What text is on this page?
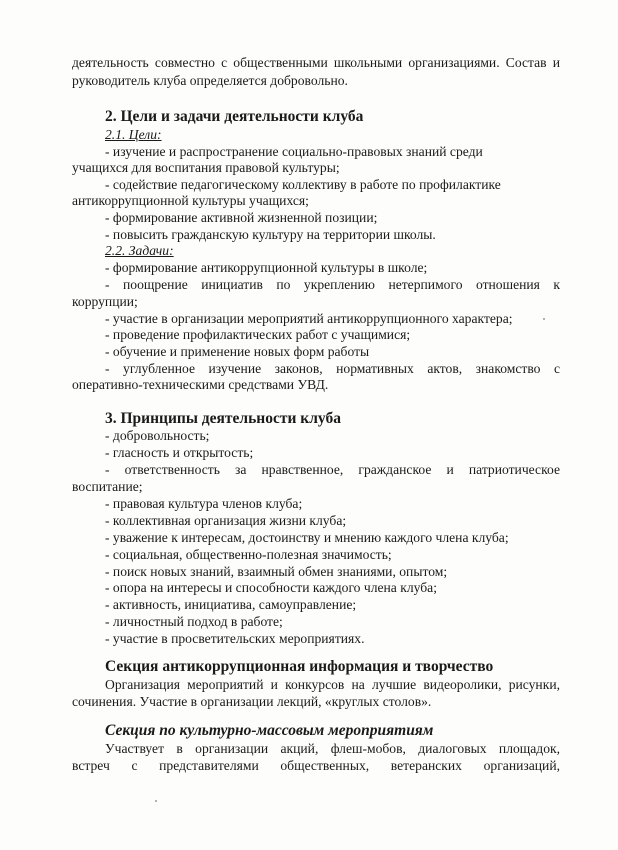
деятельность совместно с общественными школьными организациями. Состав и
руководитель клуба определяется добровольно.
2. Цели и задачи деятельности клуба
2.1. Цели:
- изучение и распространение социально-правовых знаний среди
учащихся для воспитания правовой культуры;
- содействие педагогическому коллективу в работе по профилактике
антикоррупционной культуры учащихся;
- формирование активной жизненной позиции;
- повысить гражданскую культуру на территории школы.
2.2. Задачи:
- формирование антикоррупционной культуры в школе;
- поощрение инициатив по укреплению нетерпимого отношения к
коррупции;
- участие в организации мероприятий антикоррупционного характера;
- проведение профилактических работ с учащимися;
- обучение и применение новых форм работы
- углубленное изучение законов, нормативных актов, знакомство с
оперативно-техническими средствами УВД.
3. Принципы деятельности клуба
- добровольность;
- гласность и открытость;
- ответственность за нравственное, гражданское и патриотическое
воспитание;
- правовая культура членов клуба;
- коллективная организация жизни клуба;
- уважение к интересам, достоинству и мнению каждого члена клуба;
- социальная, общественно-полезная значимость;
- поиск новых знаний, взаимный обмен знаниями, опытом;
- опора на интересы и способности каждого члена клуба;
- активность, инициатива, самоуправление;
- личностный подход в работе;
- участие в просветительских мероприятиях.
Секция антикоррупционная информация и творчество
Организация мероприятий и конкурсов на лучшие видеоролики, рисунки,
сочинения. Участие в организации лекций, «круглых столов».
Секция по культурно-массовым мероприятиям
Участвует в организации акций, флеш-мобов, диалоговых площадок,
встреч с представителями общественных, ветеранских организаций,
